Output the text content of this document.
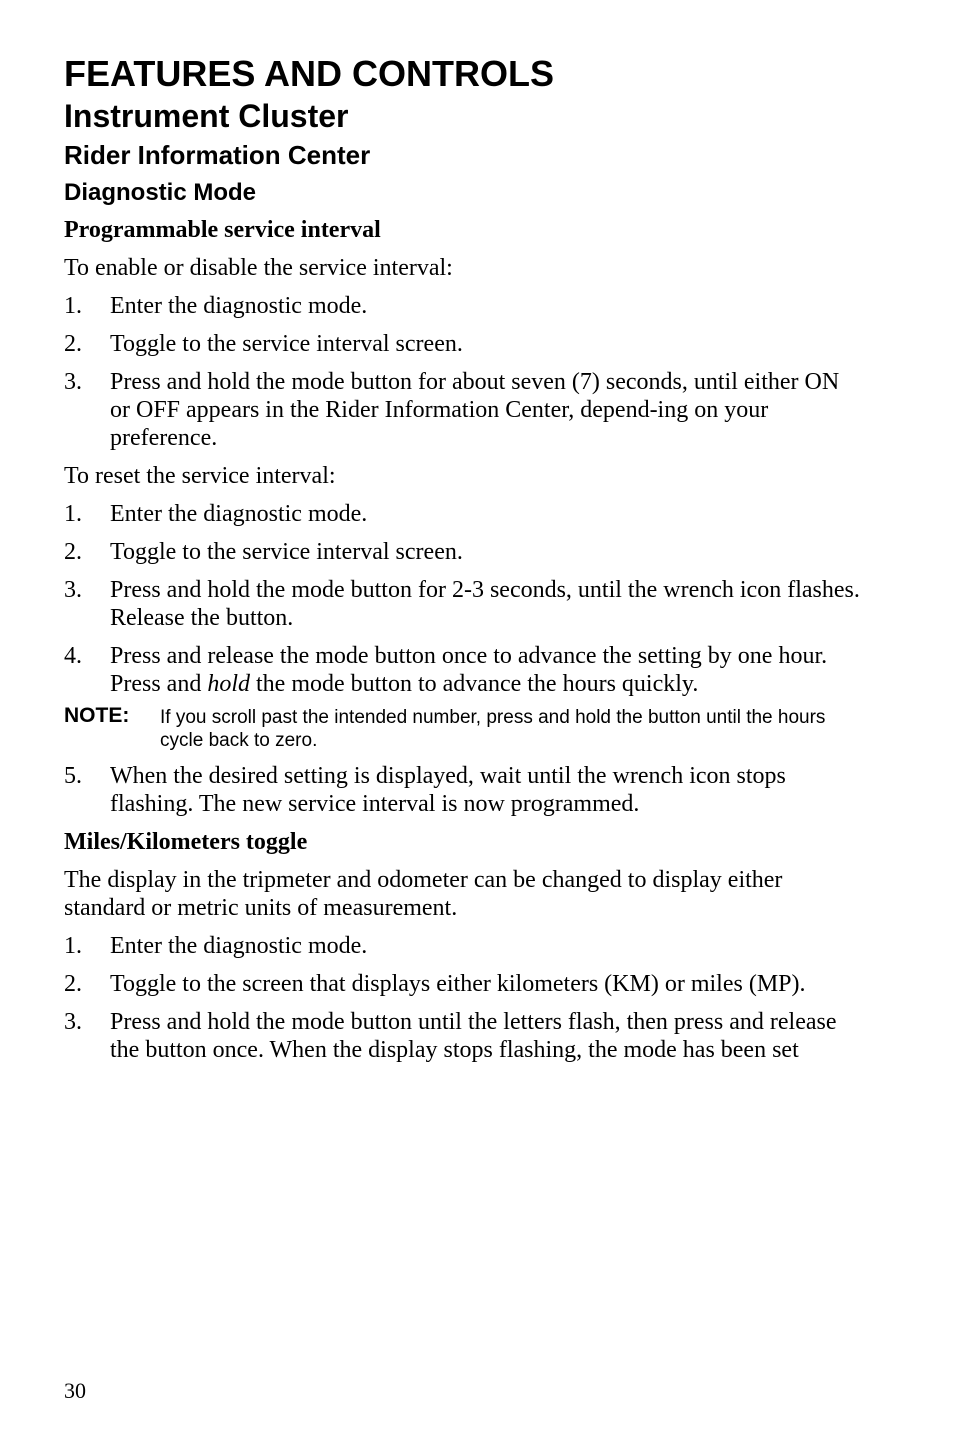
FEATURES AND CONTROLS
Instrument Cluster
Rider Information Center
Diagnostic Mode
Programmable service interval

To enable or disable the service interval:

1. Enter the diagnostic mode.
2. Toggle to the service interval screen.
3. Press and hold the mode button for about seven (7) seconds, until either ON or OFF appears in the Rider Information Center, depend-ing on your preference.

To reset the service interval:

1. Enter the diagnostic mode.
2. Toggle to the service interval screen.
3. Press and hold the mode button for 2-3 seconds, until the wrench icon flashes. Release the button.
4. Press and release the mode button once to advance the setting by one hour. Press and hold the mode button to advance the hours quickly.
NOTE: If you scroll past the intended number, press and hold the button until the hours cycle back to zero.
5. When the desired setting is displayed, wait until the wrench icon stops flashing. The new service interval is now programmed.
Miles/Kilometers toggle

The display in the tripmeter and odometer can be changed to display either standard or metric units of measurement.

1. Enter the diagnostic mode.
2. Toggle to the screen that displays either kilometers (KM) or miles (MP).
3. Press and hold the mode button until the letters flash, then press and release the button once. When the display stops flashing, the mode has been set
30
